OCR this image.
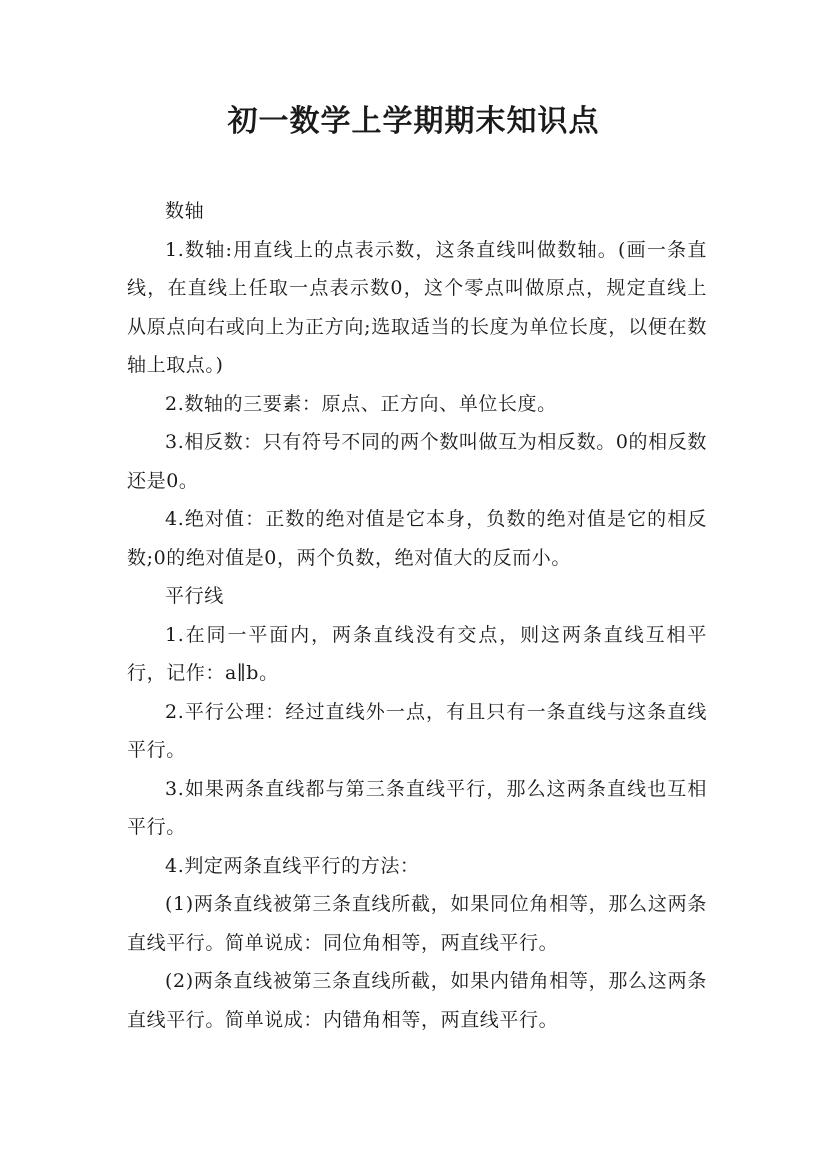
初一数学上学期期末知识点

数轴

1.数轴:用直线上的点表示数，这条直线叫做数轴。(画一条直线，在直线上任取一点表示数0，这个零点叫做原点，规定直线上从原点向右或向上为正方向;选取适当的长度为单位长度，以便在数轴上取点。)

2.数轴的三要素：原点、正方向、单位长度。

3.相反数：只有符号不同的两个数叫做互为相反数。0的相反数还是0。

4.绝对值：正数的绝对值是它本身，负数的绝对值是它的相反数;0的绝对值是0，两个负数，绝对值大的反而小。

平行线

1.在同一平面内，两条直线没有交点，则这两条直线互相平行，记作：a∥b。

2.平行公理：经过直线外一点，有且只有一条直线与这条直线平行。

3.如果两条直线都与第三条直线平行，那么这两条直线也互相平行。

4.判定两条直线平行的方法：

(1)两条直线被第三条直线所截，如果同位角相等，那么这两条直线平行。简单说成：同位角相等，两直线平行。

(2)两条直线被第三条直线所截，如果内错角相等，那么这两条直线平行。简单说成：内错角相等，两直线平行。
